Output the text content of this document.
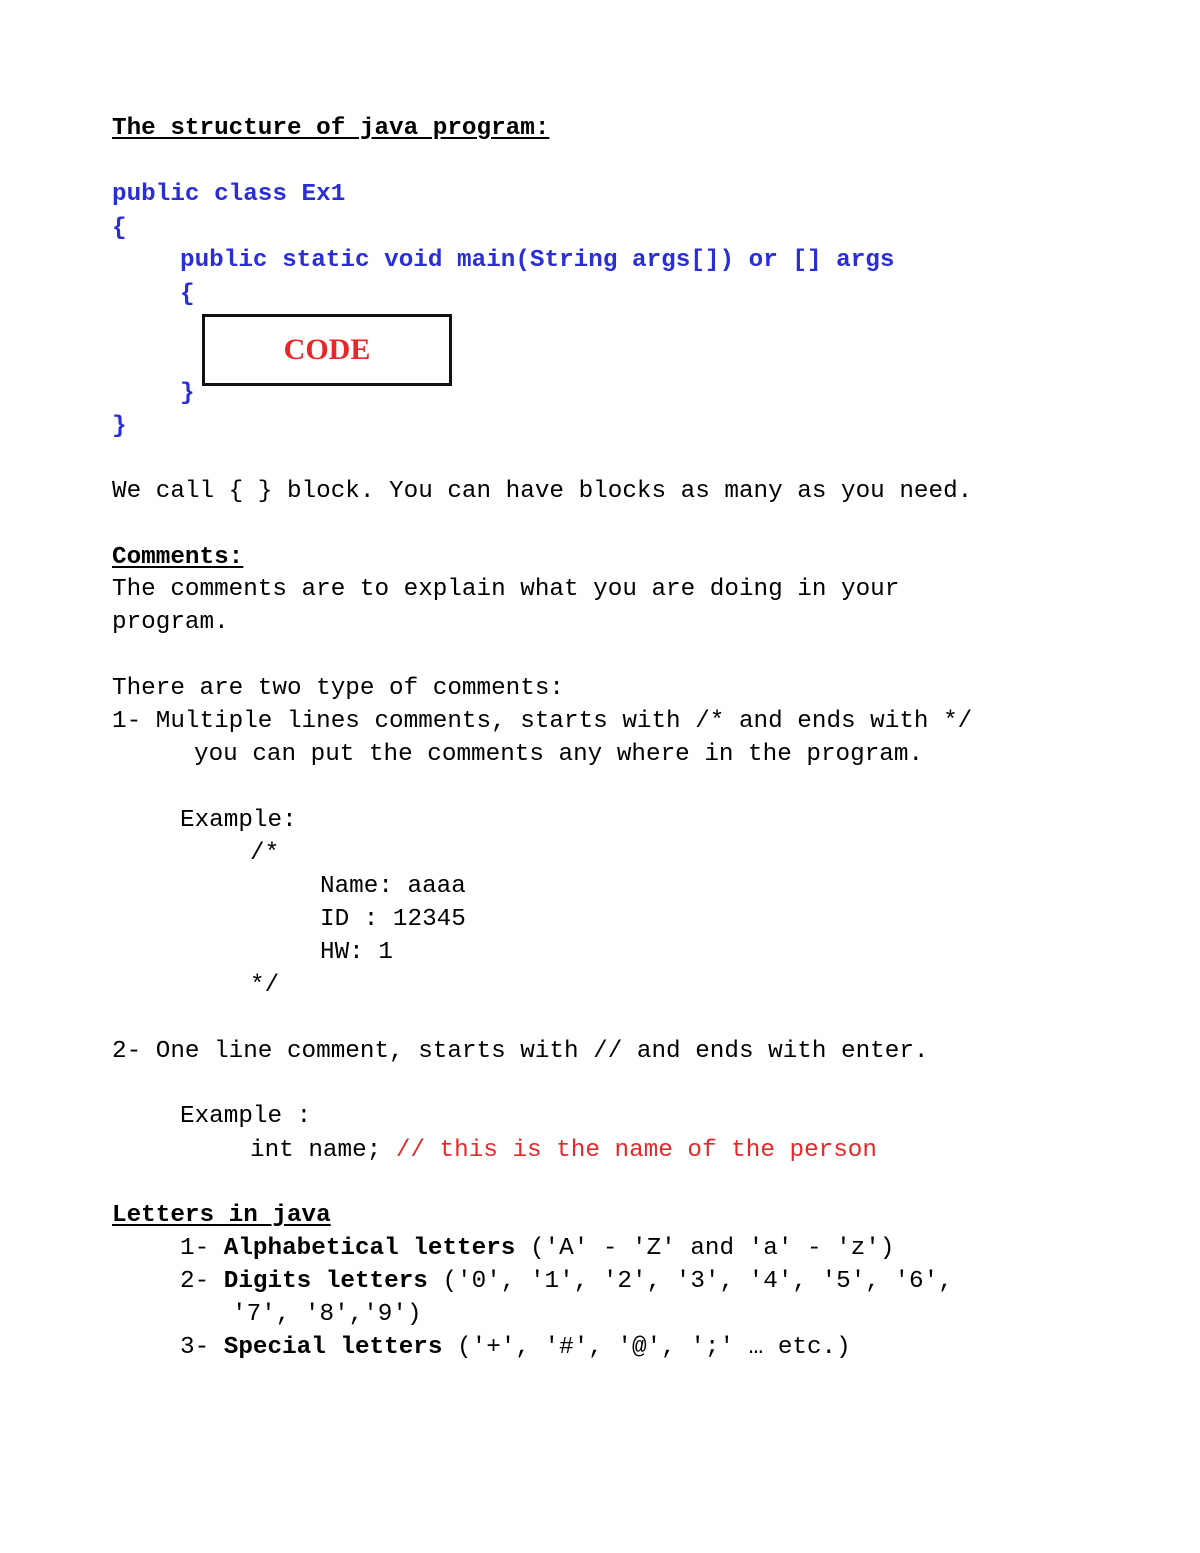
The structure of java program:
public class Ex1
{
public static void main(String args[]) or [] args
{
CODE
}
}
We call { } block. You can have blocks as many as you need.
Comments:
The comments are to explain what you are doing in your
program.
There are two type of comments:
1- Multiple lines comments, starts with /* and ends with */
you can put the comments any where in the program.
Example:
/*
Name: aaaa
ID : 12345
HW: 1
*/
2- One line comment, starts with // and ends with enter.
Example :
int name; // this is the name of the person
Letters in java
1- Alphabetical letters ('A' - 'Z' and 'a' - 'z')
2- Digits letters ('0', '1', '2', '3', '4', '5', '6',
'7', '8','9')
3- Special letters ('+', '#', '@', ';' … etc.)
